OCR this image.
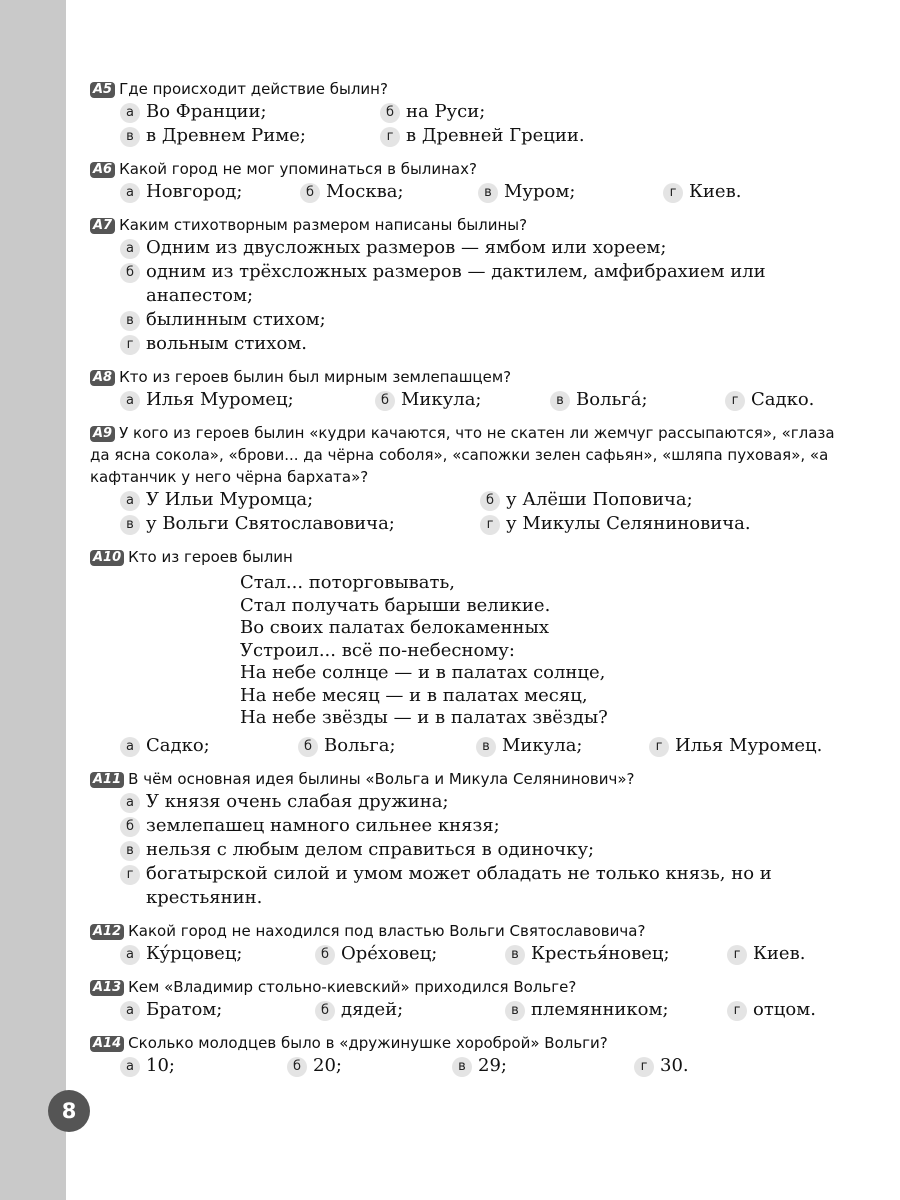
8
A5 Где происходит действие былин?
а Во Франции;	б на Руси;
в в Древнем Риме;	г в Древней Греции.
A6 Какой город не мог упоминаться в былинах?
а Новгород;	б Москва;	в Муром;	г Киев.
A7 Каким стихотворным размером написаны былины?
а Одним из двусложных размеров — ямбом или хореем;
б одним из трёхсложных размеров — дактилем, амфибрахием или анапестом;
в былинным стихом;
г вольным стихом.
A8 Кто из героев былин был мирным землепашцем?
а Илья Муромец;	б Микула;	в Вольгá;	г Садко.
A9 У кого из героев былин «кудри качаются, что не скатен ли жемчуг рассыпаются», «глаза да ясна сокола», «брови... да чёрна соболя», «сапожки зелен сафьян», «шляпа пуховая», «а кафтанчик у него чёрна бархата»?
а У Ильи Муромца;	б у Алёши Поповича;
в у Вольги Святославовича;	г у Микулы Селяниновича.
A10 Кто из героев былин
Стал... поторговывать,
Стал получать барыши великие.
Во своих палатах белокаменных
Устроил... всё по-небесному:
На небе солнце — и в палатах солнце,
На небе месяц — и в палатах месяц,
На небе звёзды — и в палатах звёзды?
а Садко;	б Вольга;	в Микула;	г Илья Муромец.
A11 В чём основная идея былины «Вольга и Микула Селянинович»?
а У князя очень слабая дружина;
б землепашец намного сильнее князя;
в нельзя с любым делом справиться в одиночку;
г богатырской силой и умом может обладать не только князь, но и крестьянин.
A12 Какой город не находился под властью Вольги Святославовича?
а Кýрцовец;	б Орéховец;	в Крестья́новец;	г Киев.
A13 Кем «Владимир стольно-киевский» приходился Вольге?
а Братом;	б дядей;	в племянником;	г отцом.
A14 Сколько молодцев было в «дружинушке хороброй» Вольги?
а 10;	б 20;	в 29;	г 30.
